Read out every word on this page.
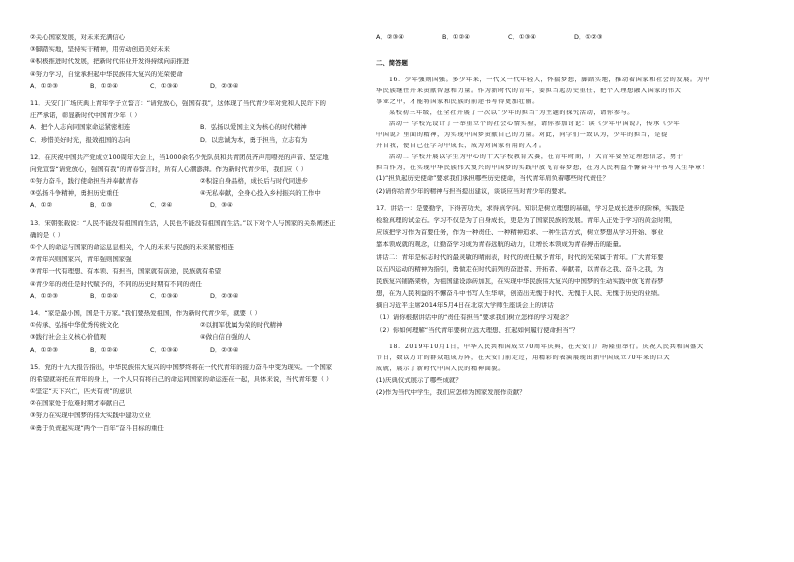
②关心国家发展，对未来充满信心
③脚踏实地，坚持实干精神，用劳动创造美好未来
④积极推进时代发展，把新时代伟业开发得持续向前推进
④努力学习，自觉承担起中华民族伟大复兴的光荣使命
A．①②③	B．①②④	C．①③④	D．②③④
11．天安门广场庆典上青年学子立誓言：“请党放心，强国有我”，这体现了当代青少年对党和人民许下的
庄严承诺，彰显新时代中国青少年（ ）
A．把个人志向同国家命运紧密相连	B．弘扬以爱国主义为核心的时代精神
C．珍惜美好时光，报效祖国的志向	D．以忠诚为本，勇于担当，立志有为
12．在庆祝中国共产党成立100周年大会上，当1000余名少先队员和共青团员齐声用嘹亮的声音、坚定地
向党宣誓“请党放心，强国有我”的青春誓言时，所有人心潮澎湃。作为新时代青少年，我们应（ ）
①努力奋斗，践行使命担当并奉献青春	②积淀自身品格，成长后与时代同进步
③弘扬斗争精神，勇担历史重任	④无私奉献，全身心投入乡村振兴的工作中
A．①②	B．①③	C．②④	D．③④
13．宋朝张载说：“人民不能没有祖国而生活，人民也不能没有祖国而生活。”以下对个人与国家的关系阐述正
确的是（ ）
①个人的命运与国家的命运息息相关，个人的未来与民族的未来紧密相连
②青年兴则国家兴，青年强则国家强
③青年一代有理想、有本领、有担当，国家就有前途，民族就有希望
④青少年的责任是时代赋予的，不同的历史时期有不同的责任
A．①②③	B．①②④	C．①③④	D．②③④
14．“家是最小国，国是千万家。”我们要热爱祖国，作为新时代青少年，就要（ ）
①传承、弘扬中华优秀传统文化	②以拥军优属为荣的时代精神
③践行社会主义核心价值观	④做自信自强的人
A．①②③	B．①②④	C．①③④	D．②③④
15．党的十九大报告指出，中华民族伟大复兴的中国梦终将在一代代青年的接力奋斗中变为现实。一个国家
的希望就寄托在青年的身上，一个人只有将自己的命运同国家的命运连在一起，具体来说，当代青年要（ ）
①坚定“天下兴亡，匹夫有责”的意识
②在国家处于危难时期才奉献自己
③努力在实现中国梦的伟大实践中建功立业
④勇于负责起实现“两个一百年”奋斗目标的重任
A．②③④	B．①②④	C．①③④	D．①②③
二、简答题
16．少年强则国强。多少年来，一代又一代年轻人，怀揣梦想，脚踏实地，推动着国家和社会的发展。为中
华民族继往开来贡献智慧和力量。作为新时代的青年，要担当起历史重任，把个人理想融入国家的伟大
事业之中，才能将国家和民族的前途书写得更加壮丽。
某校初三年级，在全社开展了一次以“少年的担当”为主题的探究活动，请你参与。
活动一 学校先设计了一举重立个的社会心情实验，请你参加讨论：读《少年中国说》，传承《少年
中国说》里面的精神，为实现中国梦贡献自己的力量。对此，同学们一致认为，少年的担当，是提
升自我，使自己在学习中成长，成为对国家有用的人才。
活动二 学校开展以学生为中心的十大学校教育大赛，在青年时期，广大青年要坚定理想信念，勇于
担当作为，在实现中华民族伟大复兴的中国梦的实践中放飞青春梦想，在为人民利益不懈奋斗中书写人生华章！
(1)“担负起历史使命”要求我们承担哪些历史使命，当代青年肩负着哪些时代责任？
(2)请你给青少年的精神与担当提出建议，谈谈应当对青少年的要求。
17．讲话一：是要勤学，下得苦功夫，求得真学问。知识是树立理想的基础，学习是成长进步的阶梯，实践是
检验真理的试金石。学习不仅是为了自身成长，更是为了国家民族的发展。青年人正处于学习的黄金时期，
应该把学习作为首要任务，作为一种责任、一种精神追求、一种生活方式，树立梦想从学习开始、事业
靠本领成就的观念，让勤奋学习成为青春远航的动力，让增长本领成为青春搏击的能量。
讲话二：青年是标志时代的最灵敏的晴雨表，时代的责任赋予青年，时代的光荣属于青年。广大青年要
以五四运动的精神为指引，勇做走在时代前列的奋进者、开拓者、奉献者，以青春之我、奋斗之我，为
民族复兴铺路架桥，为祖国建设添砖加瓦，在实现中华民族伟大复兴的中国梦的生动实践中放飞青春梦
想，在为人民利益的不懈奋斗中书写人生华章，创造出无愧于时代、无愧于人民、无愧于历史的业绩。
摘自习近平主席2014年5月4日在北京大学师生座谈会上的讲话
（1）请你根据讲话中的“责任有担当”要求我们树立怎样的学习观念？
（2）你如何理解“当代青年要树立远大理想、扛起如何履行使命担当”？
18．2019年10月1日，中华人民共和国成立70周年庆典，在天安门广场隆重举行。庆祝人民共和国盛大
节日，数以万计的群众组成方阵，在天安门前走过，用精彩的表演展现出新中国成立70年来的巨大
成就，展示了新时代中国人民的精神面貌。
(1)庆典仪式展示了哪些成就？
(2)作为当代中学生，我们应怎样为国家发展作贡献？
